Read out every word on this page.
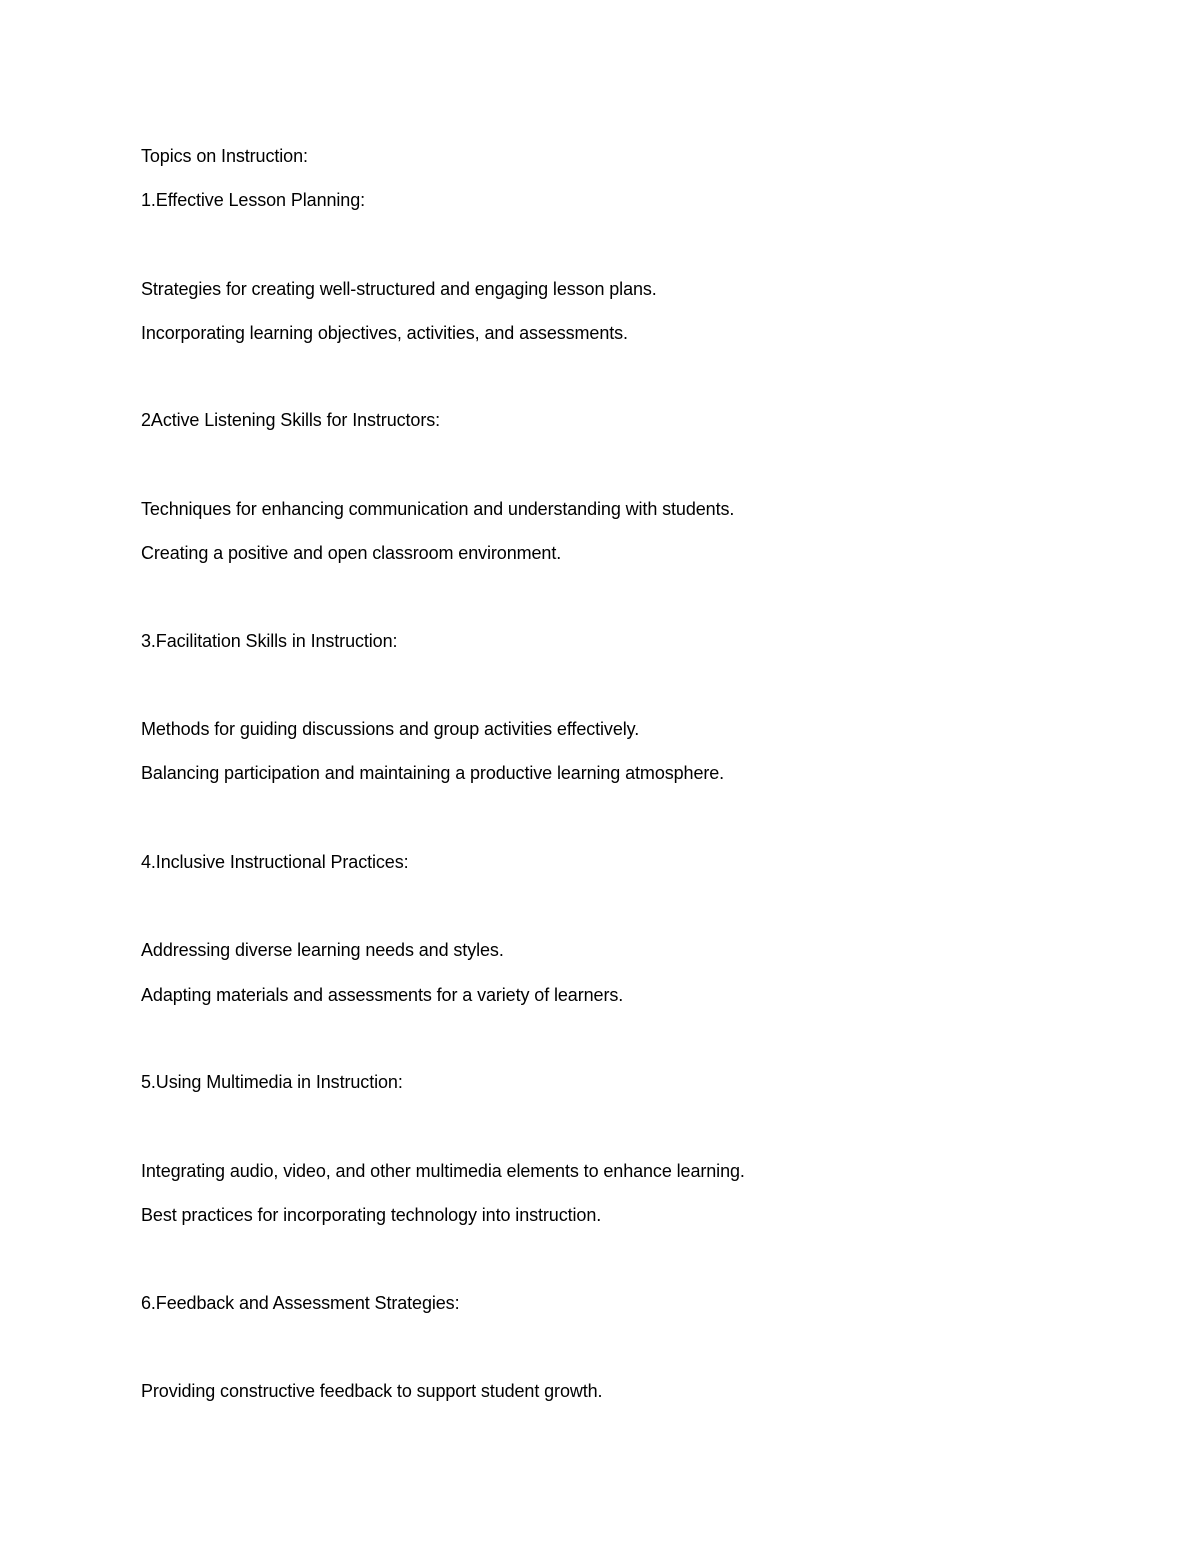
Topics on Instruction:
1.Effective Lesson Planning:
Strategies for creating well-structured and engaging lesson plans.
Incorporating learning objectives, activities, and assessments.
2Active Listening Skills for Instructors:
Techniques for enhancing communication and understanding with students.
Creating a positive and open classroom environment.
3.Facilitation Skills in Instruction:
Methods for guiding discussions and group activities effectively.
Balancing participation and maintaining a productive learning atmosphere.
4.Inclusive Instructional Practices:
Addressing diverse learning needs and styles.
Adapting materials and assessments for a variety of learners.
5.Using Multimedia in Instruction:
Integrating audio, video, and other multimedia elements to enhance learning.
Best practices for incorporating technology into instruction.
6.Feedback and Assessment Strategies:
Providing constructive feedback to support student growth.
